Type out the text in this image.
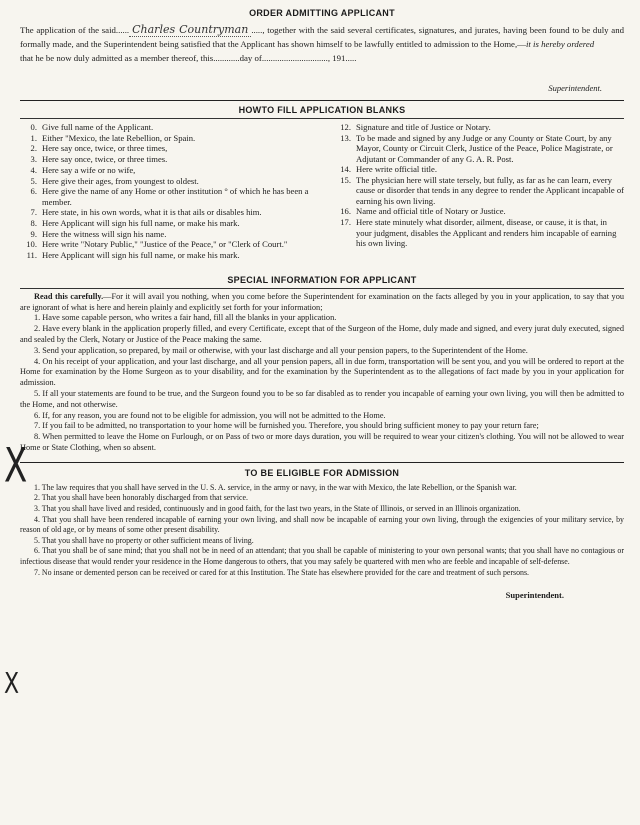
ORDER ADMITTING APPLICANT
The application of the said...... Charles Countryman ....., together with the said several certificates, signatures, and jurates, having been found to be duly and formally made, and the Superintendent being satisfied that the Applicant has shown himself to be lawfully entitled to admission to the Home,—it is hereby ordered
that he be now duly admitted as a member thereof, this............day of.............................., 191.....
Superintendent.
HOWTO FILL APPLICATION BLANKS
0. Give full name of the Applicant.
1. Either "Mexico, the late Rebellion, or Spain.
2. Here say once, twice, or three times,
3. Here say once, twice, or three times.
4. Here say a wife or no wife,
5. Here give their ages, from youngest to oldest.
6. Here give the name of any Home or other institution ° of which he has been a member.
7. Here state, in his own words, what it is that ails or disables him.
8. Here Applicant will sign his full name, or make his mark.
9. Here the witness will sign his name.
10. Here write "Notary Public," "Justice of the Peace," or "Clerk of Court."
11. Here Applicant will sign his full name, or make his mark.
12. Signature and title of Justice or Notary.
13. To be made and signed by any Judge or any County or State Court, by any Mayor, County or Circuit Clerk, Justice of the Peace, Police Magistrate, or Adjutant or Commander of any G. A. R. Post.
14. Here write official title.
15. The physician here will state tersely, but fully, as far as he can learn, every cause or disorder that tends in any degree to render the Applicant incapable of earning his own living.
16. Name and official title of Notary or Justice.
17. Here state minutely what disorder, ailment, disease, or cause, it is that, in your judgment, disables the Applicant and renders him incapable of earning his own living.
SPECIAL INFORMATION FOR APPLICANT

Read this carefully.—For it will avail you nothing, when you come before the Superintendent for examination on the facts alleged by you in your application, to say that you are ignorant of what is here and herein plainly and explicitly set forth for your information;

1. Have some capable person, who writes a fair hand, fill all the blanks in your application.

2. Have every blank in the application properly filled, and every Certificate, except that of the Surgeon of the Home, duly made and signed, and every jurat duly executed, signed and sealed by the Clerk, Notary or Justice of the Peace making the same.

3. Send your application, so prepared, by mail or otherwise, with your last discharge and all your pension papers, to the Superintendent of the Home.

4. On his receipt of your application, and your last discharge, and all your pension papers, all in due form, transportation will be sent you, and you will be ordered to report at the Home for examination by the Home Surgeon as to your disability, and for the examination by the Superintendent as to the allegations of fact made by you in your application for admission.

5. If all your statements are found to be true, and the Surgeon found you to be so far disabled as to render you incapable of earning your own living, you will then be admitted to the Home, and not otherwise.

6. If, for any reason, you are found not to be eligible for admission, you will not be admitted to the Home.

7. If you fail to be admitted, no transportation to your home will be furnished you. Therefore, you should bring sufficient money to pay your return fare;

8. When permitted to leave the Home on Furlough, or on Pass of two or more days duration, you will be required to wear your citizen's clothing. You will not be allowed to wear Home or State Clothing, when so absent.

TO BE ELIGIBLE FOR ADMISSION

1. The law requires that you shall have served in the U. S. A. service, in the army or navy, in the war with Mexico, the late Rebellion, or the Spanish war.

2. That you shall have been honorably discharged from that service.

3. That you shall have lived and resided, continuously and in good faith, for the last two years, in the State of Illinois, or served in an Illinois organization.

4. That you shall have been rendered incapable of earning your own living, and shall now be incapable of earning your own living, through the exigencies of your military service, by reason of old age, or by means of some other present disability.

5. That you shall have no property or other sufficient means of living.

6. That you shall be of sane mind; that you shall not be in need of an attendant; that you shall be capable of ministering to your own personal wants; that you shall have no contagious or infectious disease that would render your residence in the Home dangerous to others, that you may safely be quartered with men who are feeble and incapable of self-defense.

7. No insane or demented person can be received or cared for at this Institution. The State has elsewhere provided for the care and treatment of such persons.

Superintendent.
X
X
